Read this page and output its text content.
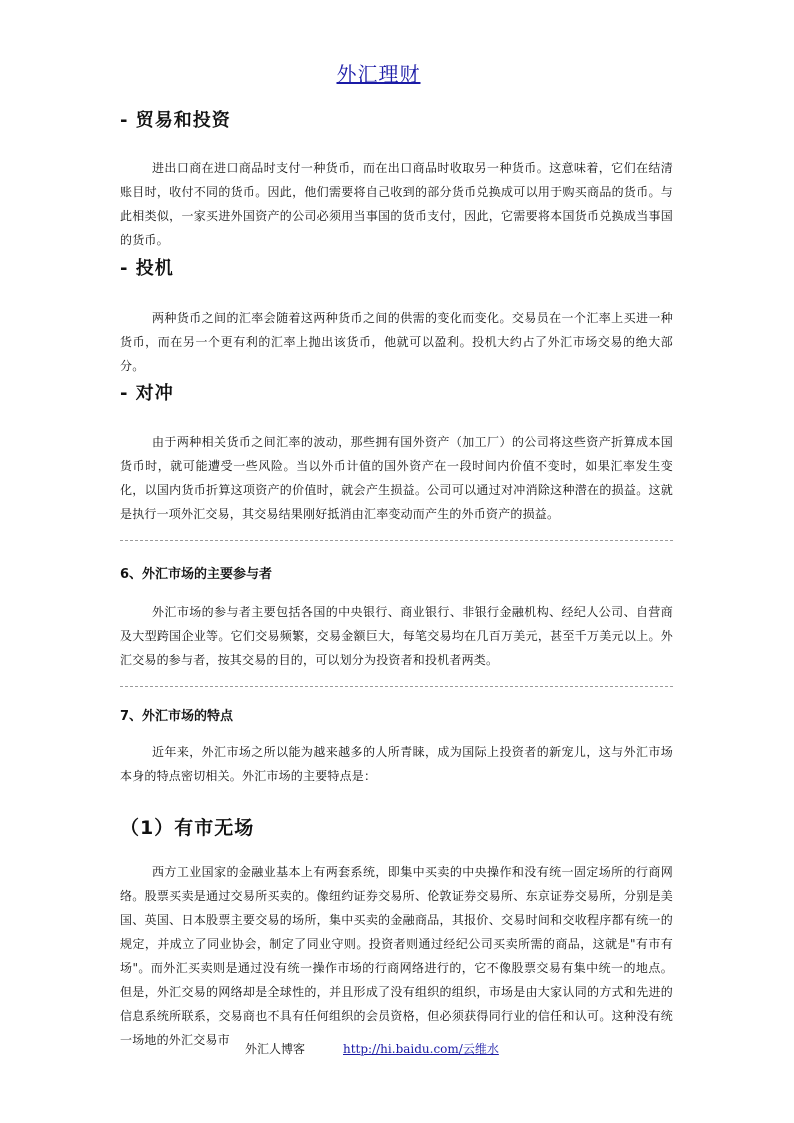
外汇理财
- 贸易和投资
进出口商在进口商品时支付一种货币，而在出口商品时收取另一种货币。这意味着，它们在结清账目时，收付不同的货币。因此，他们需要将自己收到的部分货币兑换成可以用于购买商品的货币。与此相类似，一家买进外国资产的公司必须用当事国的货币支付，因此，它需要将本国货币兑换成当事国的货币。
- 投机
两种货币之间的汇率会随着这两种货币之间的供需的变化而变化。交易员在一个汇率上买进一种货币，而在另一个更有利的汇率上抛出该货币，他就可以盈利。投机大约占了外汇市场交易的绝大部分。
- 对冲
由于两种相关货币之间汇率的波动，那些拥有国外资产（加工厂）的公司将这些资产折算成本国货币时，就可能遭受一些风险。当以外币计值的国外资产在一段时间内价值不变时，如果汇率发生变化，以国内货币折算这项资产的价值时，就会产生损益。公司可以通过对冲消除这种潜在的损益。这就是执行一项外汇交易，其交易结果刚好抵消由汇率变动而产生的外币资产的损益。
6、外汇市场的主要参与者
外汇市场的参与者主要包括各国的中央银行、商业银行、非银行金融机构、经纪人公司、自营商及大型跨国企业等。它们交易频繁，交易金额巨大，每笔交易均在几百万美元，甚至千万美元以上。外汇交易的参与者，按其交易的目的，可以划分为投资者和投机者两类。
7、外汇市场的特点
近年来，外汇市场之所以能为越来越多的人所青睐，成为国际上投资者的新宠儿，这与外汇市场本身的特点密切相关。外汇市场的主要特点是：
（1）有市无场
西方工业国家的金融业基本上有两套系统，即集中买卖的中央操作和没有统一固定场所的行商网络。股票买卖是通过交易所买卖的。像纽约证券交易所、伦敦证券交易所、东京证券交易所，分别是美国、英国、日本股票主要交易的场所，集中买卖的金融商品，其报价、交易时间和交收程序都有统一的规定，并成立了同业协会，制定了同业守则。投资者则通过经纪公司买卖所需的商品，这就是"有市有场"。而外汇买卖则是通过没有统一操作市场的行商网络进行的，它不像股票交易有集中统一的地点。但是，外汇交易的网络却是全球性的，并且形成了没有组织的组织，市场是由大家认同的方式和先进的信息系统所联系，交易商也不具有任何组织的会员资格，但必须获得同行业的信任和认可。这种没有统一场地的外汇交易市
外汇人博客	http://hi.baidu.com/云维水
